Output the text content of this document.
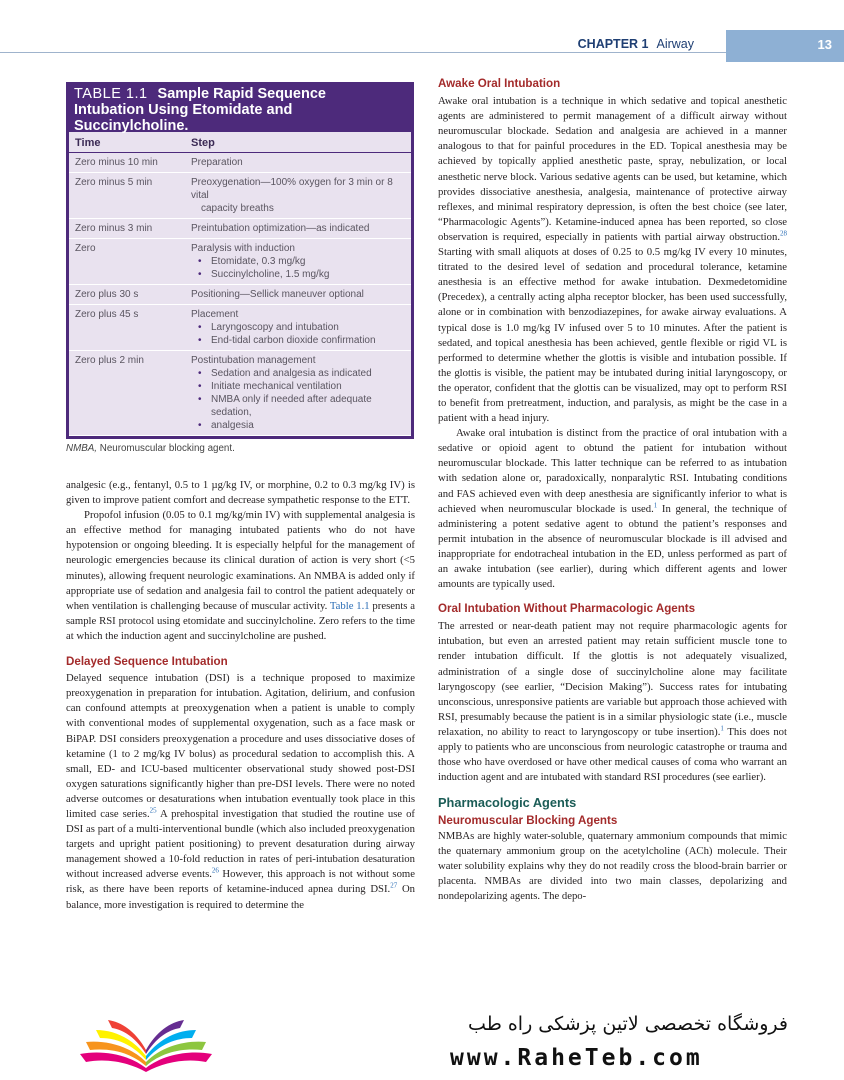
CHAPTER 1 Airway	13
TABLE 1.1 Sample Rapid Sequence
Intubation Using Etomidate and
Succinylcholine.
Time	Step
Zero minus 10 min	Preparation
Zero minus 5 min	Preoxygenation—100% oxygen for 3 min or 8 vital
capacity breaths

Zero minus 3 min	Preintubation optimization—as indicated
Zero	Paralysis with induction
• Etomidate, 0.3 mg/kg
• Succinylcholine, 1.5 mg/kg

Zero plus 30 s	Positioning—Sellick maneuver optional
Zero plus 45 s	Placement
• Laryngoscopy and intubation
• End-tidal carbon dioxide confirmation

Zero plus 2 min	Postintubation management
• Sedation and analgesia as indicated
• Initiate mechanical ventilation
• NMBA only if needed after adequate sedation,
• analgesia
NMBA, Neuromuscular blocking agent.

analgesic (e.g., fentanyl, 0.5 to 1 µg/kg IV, or morphine, 0.2 to 0.3 mg/kg IV) is given to improve patient comfort and decrease sympathetic response to the ETT.

Propofol infusion (0.05 to 0.1 mg/kg/min IV) with supplemental analgesia is an effective method for managing intubated patients who do not have hypotension or ongoing bleeding. It is especially helpful for the management of neurologic emergencies because its clinical duration of action is very short (<5 minutes), allowing frequent neurologic examinations. An NMBA is added only if appropriate use of sedation and analgesia fail to control the patient adequately or when ventilation is challenging because of muscular activity. Table 1.1 presents a sample RSI protocol using etomidate and succinylcholine. Zero refers to the time at which the induction agent and succinylcholine are pushed.

Delayed Sequence Intubation

Delayed sequence intubation (DSI) is a technique proposed to maximize preoxygenation in preparation for intubation. Agitation, delirium, and confusion can confound attempts at preoxygenation when a patient is unable to comply with conventional modes of supplemental oxygenation, such as a face mask or BiPAP. DSI considers preoxygenation a procedure and uses dissociative doses of ketamine (1 to 2 mg/kg IV bolus) as procedural sedation to accomplish this. A small, ED- and ICU-based multicenter observational study showed post-DSI oxygen saturations significantly higher than pre-DSI levels. There were no noted adverse outcomes or desaturations when intubation eventually took place in this limited case series.$^{25}$ A prehospital investigation that studied the routine use of DSI as part of a multi-interventional bundle (which also included preoxygenation targets and upright patient positioning) to prevent desaturation during airway management showed a 10-fold reduction in rates of peri-intubation desaturation without increased adverse events.$^{26}$ However, this approach is not without some risk, as there have been reports of ketamine-induced apnea during DSI.$^{27}$ On balance, more investigation is required to determine the

Awake Oral Intubation

Awake oral intubation is a technique in which sedative and topical anesthetic agents are administered to permit management of a difficult airway without neuromuscular blockade. Sedation and analgesia are achieved in a manner analogous to that for painful procedures in the ED. Topical anesthesia may be achieved by topically applied anesthetic paste, spray, nebulization, or local anesthetic nerve block. Various sedative agents can be used, but ketamine, which provides dissociative anesthesia, analgesia, maintenance of protective airway reflexes, and minimal respiratory depression, is often the best choice (see later, “Pharmacologic Agents”). Ketamine-induced apnea has been reported, so close observation is required, especially in patients with partial airway obstruction.$^{28}$ Starting with small aliquots at doses of 0.25 to 0.5 mg/kg IV every 10 minutes, titrated to the desired level of sedation and procedural tolerance, ketamine anesthesia is an effective method for awake intubation. Dexmedetomidine (Precedex), a centrally acting alpha receptor blocker, has been used successfully, alone or in combination with benzodiazepines, for awake airway evaluations. A typical dose is 1.0 mg/kg IV infused over 5 to 10 minutes. After the patient is sedated, and topical anesthesia has been achieved, gentle flexible or rigid VL is performed to determine whether the glottis is visible and intubation possible. If the glottis is visible, the patient may be intubated during initial laryngoscopy, or the operator, confident that the glottis can be visualized, may opt to perform RSI to benefit from pretreatment, induction, and paralysis, as might be the case in a patient with a head injury.

Awake oral intubation is distinct from the practice of oral intubation with a sedative or opioid agent to obtund the patient for intubation without neuromuscular blockade. This latter technique can be referred to as intubation with sedation alone or, paradoxically, nonparalytic RSI. Intubating conditions and FAS achieved even with deep anesthesia are significantly inferior to what is achieved when neuromuscular blockade is used.$^1$ In general, the technique of administering a potent sedative agent to obtund the patient’s responses and permit intubation in the absence of neuromuscular blockade is ill advised and inappropriate for endotracheal intubation in the ED, unless performed as part of an awake intubation (see earlier), during which different agents and lower amounts are typically used.

Oral Intubation Without Pharmacologic Agents

The arrested or near-death patient may not require pharmacologic agents for intubation, but even an arrested patient may retain sufficient muscle tone to render intubation difficult. If the glottis is not adequately visualized, administration of a single dose of succinylcholine alone may facilitate laryngoscopy (see earlier, “Decision Making”). Success rates for intubating unconscious, unresponsive patients are variable but approach those achieved with RSI, presumably because the patient is in a similar physiologic state (i.e., muscle relaxation, no ability to react to laryngoscopy or tube insertion).$^1$ This does not apply to patients who are unconscious from neurologic catastrophe or trauma and those who have overdosed or have other medical causes of coma who warrant an induction agent and are intubated with standard RSI procedures (see earlier).

Pharmacologic Agents

Neuromuscular Blocking Agents

NMBAs are highly water-soluble, quaternary ammonium compounds that mimic the quaternary ammonium group on the acetylcholine (ACh) molecule. Their water solubility explains why they do not readily cross the blood-brain barrier or placenta. NMBAs are divided into two main classes, depolarizing and nondepolarizing agents. The depo-

فروشگاه تخصصی لاتین پزشکی راه طب
www.RaheTeb.com
